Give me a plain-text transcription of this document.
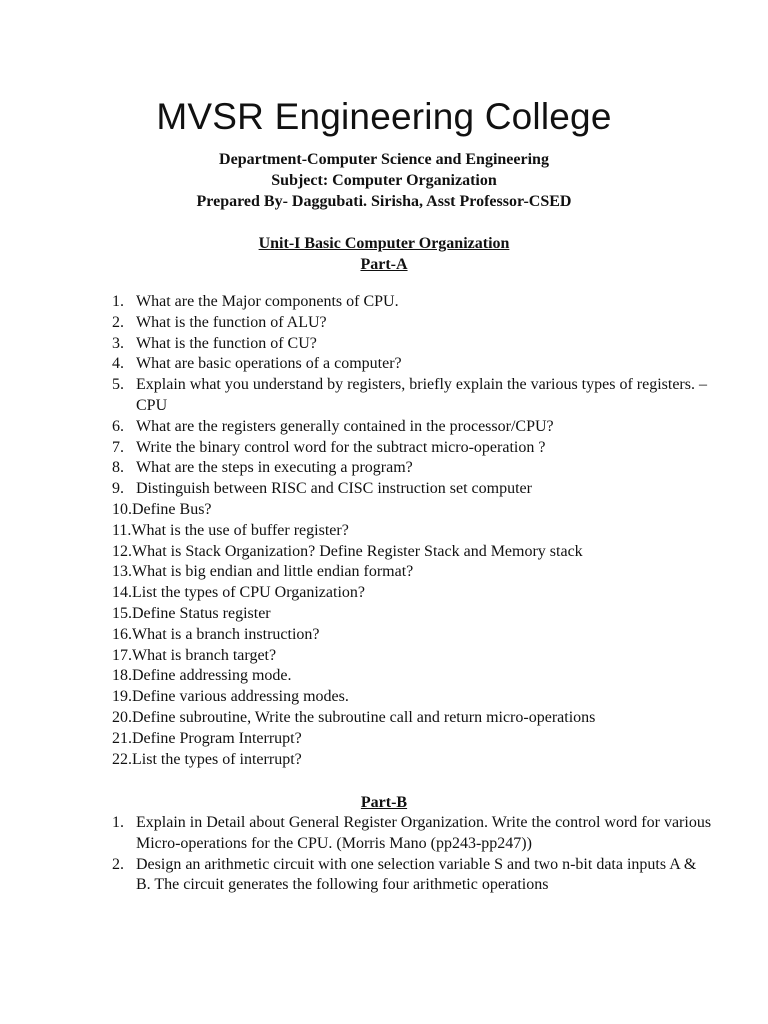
MVSR Engineering College
Department-Computer Science and Engineering
Subject: Computer Organization
Prepared By- Daggubati. Sirisha, Asst Professor-CSED
Unit-I Basic Computer Organization
Part-A
1. What are the Major components of CPU.
2. What is the function of ALU?
3. What is the function of CU?
4. What are basic operations of a computer?
5. Explain what you understand by registers, briefly explain the various types of registers. – CPU
6. What are the registers generally contained in the processor/CPU?
7. Write the binary control word for the subtract micro-operation ?
8. What are the steps in executing a program?
9. Distinguish between RISC and CISC instruction set computer
10.Define Bus?
11.What is the use of buffer register?
12.What is Stack Organization? Define Register Stack and Memory stack
13.What is big endian and little endian format?
14.List the types of CPU Organization?
15.Define Status register
16.What is a branch instruction?
17.What is branch target?
18.Define addressing mode.
19.Define various addressing modes.
20.Define subroutine, Write the subroutine call and return micro-operations
21.Define Program Interrupt?
22.List the types of interrupt?
Part-B
1. Explain in Detail about General Register Organization. Write the control word for various Micro-operations for the CPU. (Morris Mano (pp243-pp247))
2. Design an arithmetic circuit with one selection variable S and two n-bit data inputs A & B. The circuit generates the following four arithmetic operations
